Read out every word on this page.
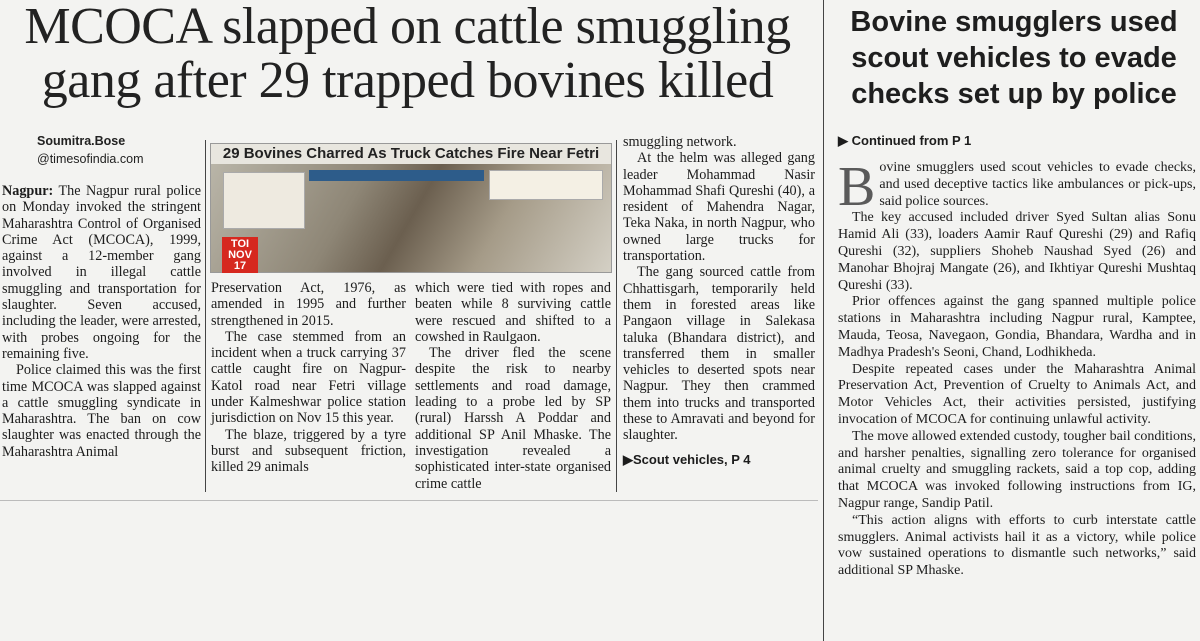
MCOCA slapped on cattle smuggling
gang after 29 trapped bovines killed
Soumitra.Bose
@timesofindia.com	29 Bovines Charred As Truck Catches Fire Near Fetri
TOI
NOV
17

Nagpur: The Nagpur rural police on Monday invoked the stringent Maharashtra Control of Organised Crime Act (MCOCA), 1999, against a 12-member gang involved in illegal cattle smuggling and transportation for slaughter. Seven accused, including the leader, were arrested, with probes ongoing for the remaining five.

Police claimed this was the first time MCOCA was slapped against a cattle smuggling syndicate in Maharashtra. The ban on cow slaughter was enacted through the Maharashtra Animal

Preservation Act, 1976, as amended in 1995 and further strengthened in 2015.

The case stemmed from an incident when a truck carrying 37 cattle caught fire on Nagpur-Katol road near Fetri village under Kalmeshwar police station jurisdiction on Nov 15 this year.

The blaze, triggered by a tyre burst and subsequent friction, killed 29 animals

which were tied with ropes and beaten while 8 surviving cattle were rescued and shifted to a cowshed in Raulgaon.

The driver fled the scene despite the risk to nearby settlements and road damage, leading to a probe led by SP (rural) Harssh A Poddar and additional SP Anil Mhaske. The investigation revealed a sophisticated inter-state organised crime cattle

smuggling network.

At the helm was alleged gang leader Mohammad Nasir Mohammad Shafi Qureshi (40), a resident of Mahendra Nagar, Teka Naka, in north Nagpur, who owned large trucks for transportation.

The gang sourced cattle from Chhattisgarh, temporarily held them in forested areas like Pangaon village in Salekasa taluka (Bhandara district), and transferred them in smaller vehicles to deserted spots near Nagpur. They then crammed them into trucks and transported these to Amravati and beyond for slaughter.

▶Scout vehicles, P 4
Bovine smugglers used
scout vehicles to evade
checks set up by police
▶ Continued from P 1

Bovine smugglers used scout vehicles to evade checks, and used deceptive tactics like ambulances or pick-ups, said police sources.

The key accused included driver Syed Sultan alias Sonu Hamid Ali (33), loaders Aamir Rauf Qureshi (29) and Rafiq Qureshi (32), suppliers Shoheb Naushad Syed (26) and Manohar Bhojraj Mangate (26), and Ikhtiyar Qureshi Mushtaq Qureshi (33).

Prior offences against the gang spanned multiple police stations in Maharashtra including Nagpur rural, Kamptee, Mauda, Teosa, Navegaon, Gondia, Bhandara, Wardha and in Madhya Pradesh's Seoni, Chand, Lodhikheda.

Despite repeated cases under the Maharashtra Animal Preservation Act, Prevention of Cruelty to Animals Act, and Motor Vehicles Act, their activities persisted, justifying invocation of MCOCA for continuing unlawful activity.

The move allowed extended custody, tougher bail conditions, and harsher penalties, signalling zero tolerance for organised animal cruelty and smuggling rackets, said a top cop, adding that MCOCA was invoked following instructions from IG, Nagpur range, Sandip Patil.

“This action aligns with efforts to curb interstate cattle smugglers. Animal activists hail it as a victory, while police vow sustained operations to dismantle such networks,” said additional SP Mhaske.
